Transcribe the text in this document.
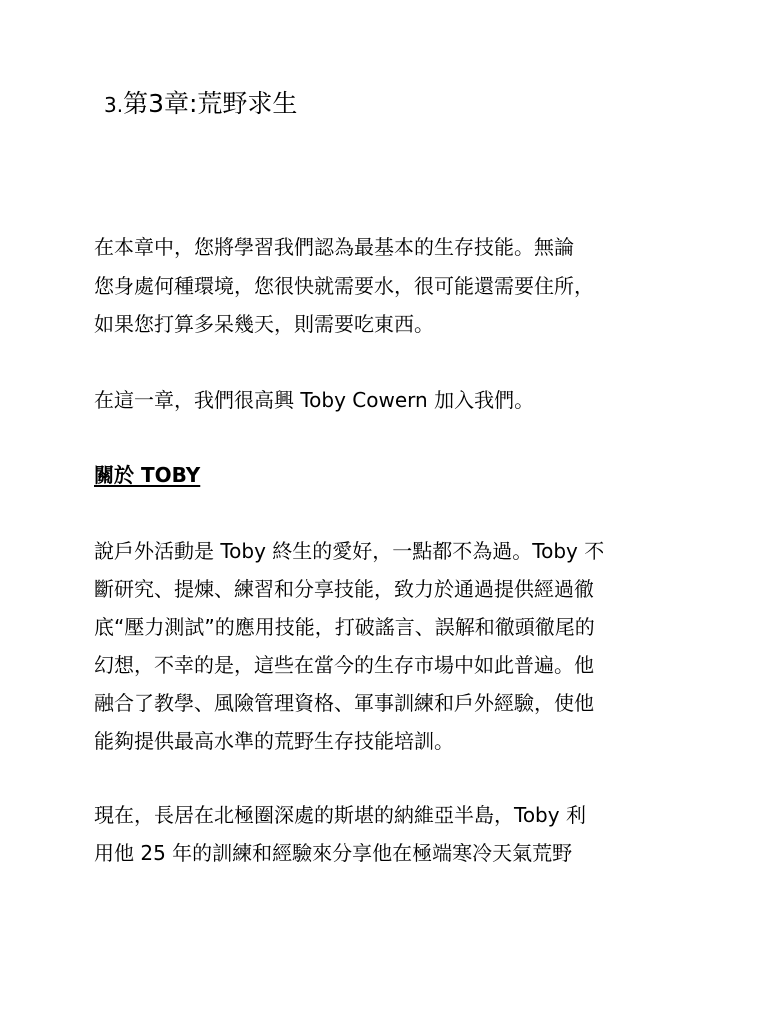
3.第3章:荒野求生

在本章中，您將學習我們認為最基本的生存技能。無論

您身處何種環境，您很快就需要水，很可能還需要住所，

如果您打算多呆幾天，則需要吃東西。

在這一章，我們很高興 Toby Cowern 加入我們。

關於 TOBY

說戶外活動是 Toby 終生的愛好，一點都不為過。Toby 不

斷研究、提煉、練習和分享技能，致力於通過提供經過徹

底“壓力測試”的應用技能，打破謠言、誤解和徹頭徹尾的

幻想，不幸的是，這些在當今的生存市場中如此普遍。他

融合了教學、風險管理資格、軍事訓練和戶外經驗，使他

能夠提供最高水準的荒野生存技能培訓。

現在，長居在北極圈深處的斯堪的納維亞半島，Toby 利

用他 25 年的訓練和經驗來分享他在極端寒冷天氣荒野
